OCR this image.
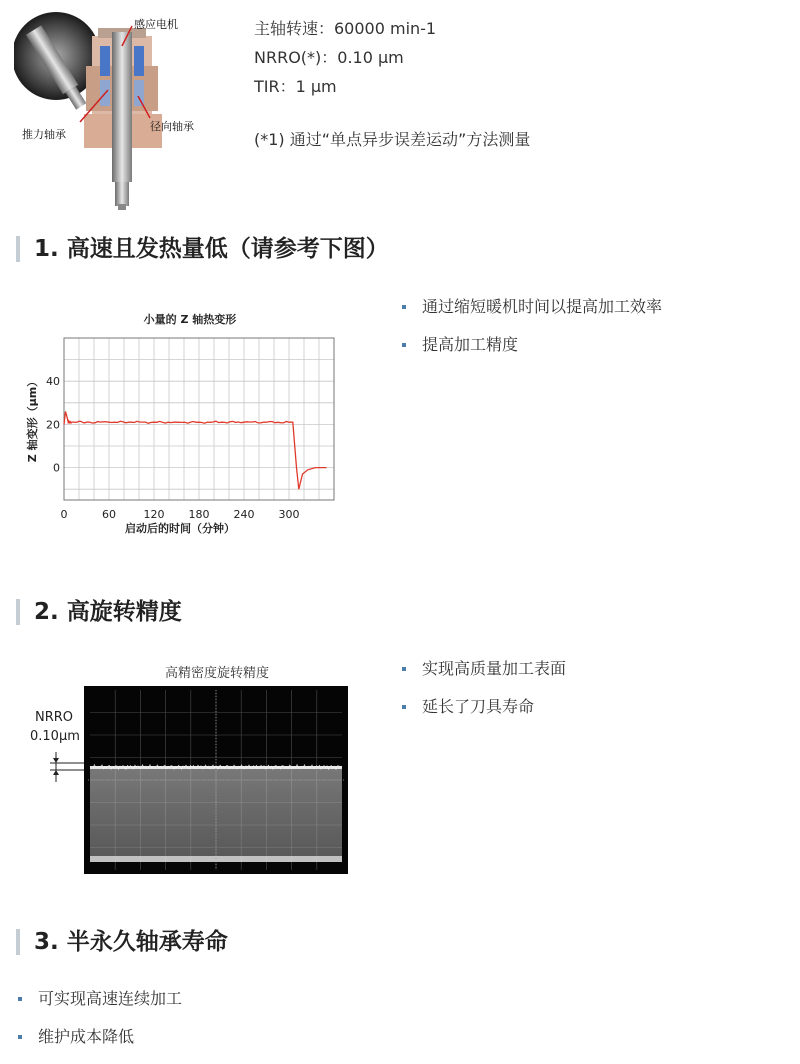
感应电机
推力轴承
径向轴承
主轴转速：60000 min-1
NRRO(*)：0.10 μm
TIR：1 μm
(*1) 通过“单点异步误差运动”方法测量
1. 高速且发热量低（请参考下图）
小量的 Z 轴热变形
0
20
40
0	60	120 180 240 300
Z 轴变形（μm）
启动后的时间（分钟）
通过缩短暖机时间以提高加工效率
提高加工精度
2. 高旋转精度
高精密度旋转精度
NRRO
0.10μm
实现高质量加工表面
延长了刀具寿命
3. 半永久轴承寿命
可实现高速连续加工
维护成本降低
